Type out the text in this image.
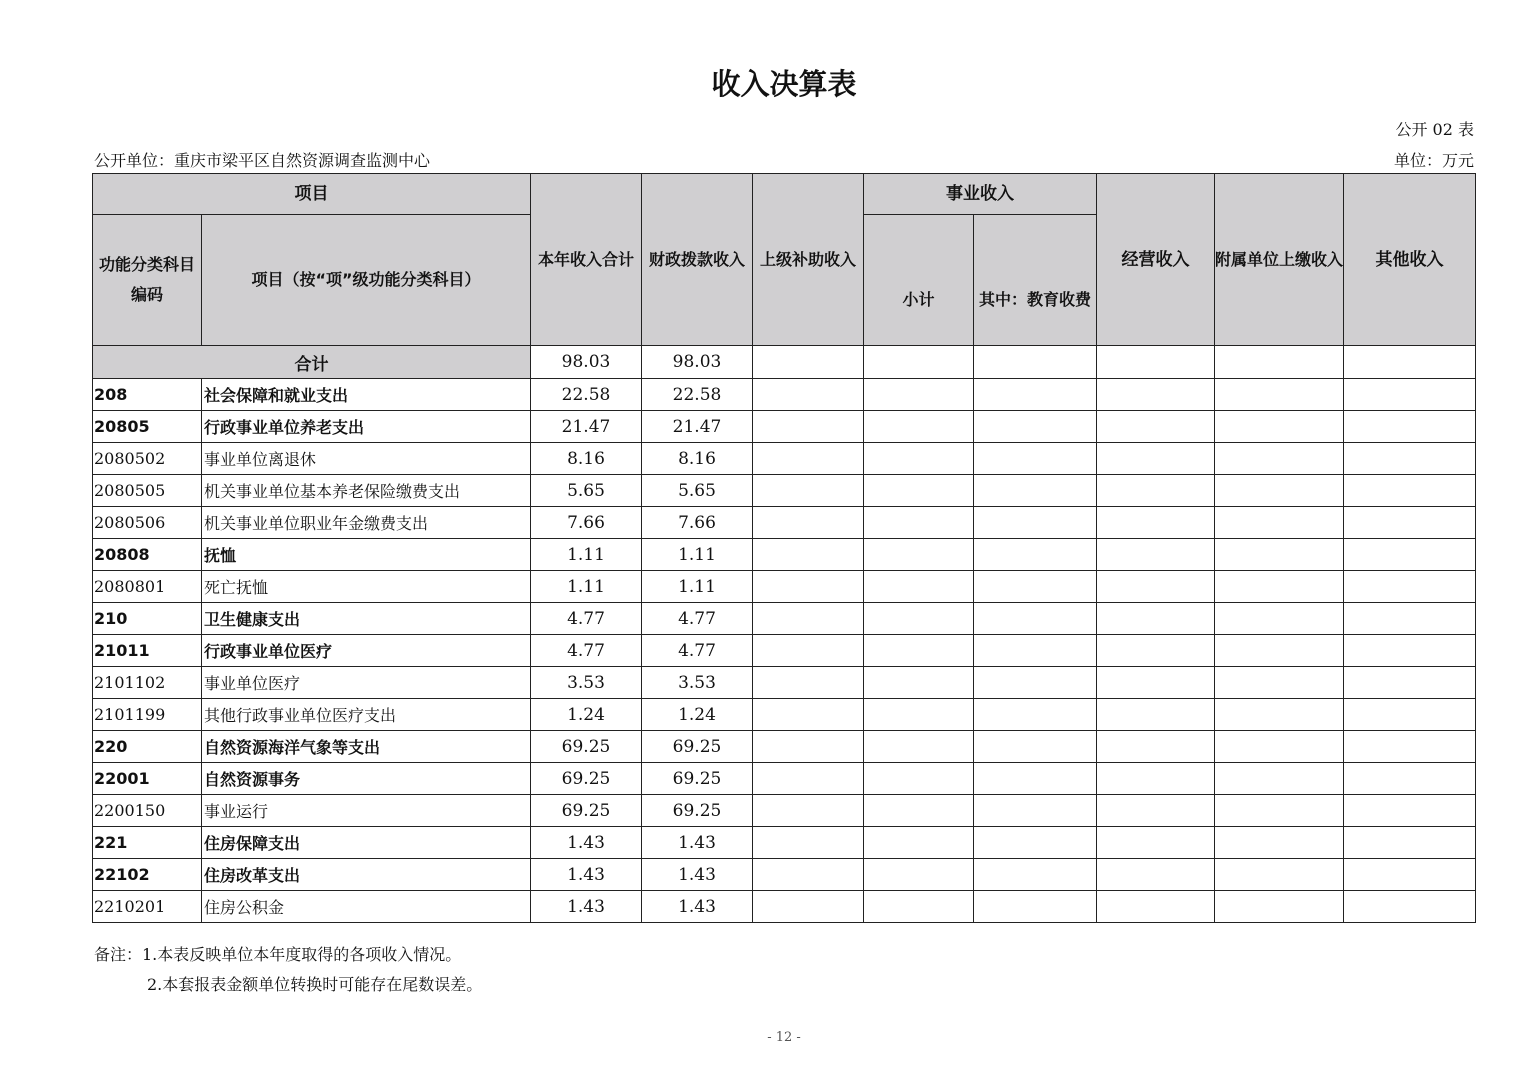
收入决算表
公开 02 表
公开单位：重庆市梁平区自然资源调查监测中心	单位：万元
项目		本年收入合计	财政拨款收入	上级补助收入	事业收入		经营收入	附属单位上缴收入	其他收入
功能分类科目编码	项目（按“项”级功能分类科目）				小计	其中：教育收费			
合计		98.03	98.03						
208	社会保障和就业支出	22.58	22.58						
20805	行政事业单位养老支出	21.47	21.47						
2080502	事业单位离退休	8.16	8.16						
2080505	机关事业单位基本养老保险缴费支出	5.65	5.65						
2080506	机关事业单位职业年金缴费支出	7.66	7.66						
20808	抚恤	1.11	1.11						
2080801	死亡抚恤	1.11	1.11						
210	卫生健康支出	4.77	4.77						
21011	行政事业单位医疗	4.77	4.77						
2101102	事业单位医疗	3.53	3.53						
2101199	其他行政事业单位医疗支出	1.24	1.24						
220	自然资源海洋气象等支出	69.25	69.25						
22001	自然资源事务	69.25	69.25						
2200150	事业运行	69.25	69.25						
221	住房保障支出	1.43	1.43						
22102	住房改革支出	1.43	1.43						
2210201	住房公积金	1.43	1.43						
备注：1.本表反映单位本年度取得的各项收入情况。
2.本套报表金额单位转换时可能存在尾数误差。
- 12 -
